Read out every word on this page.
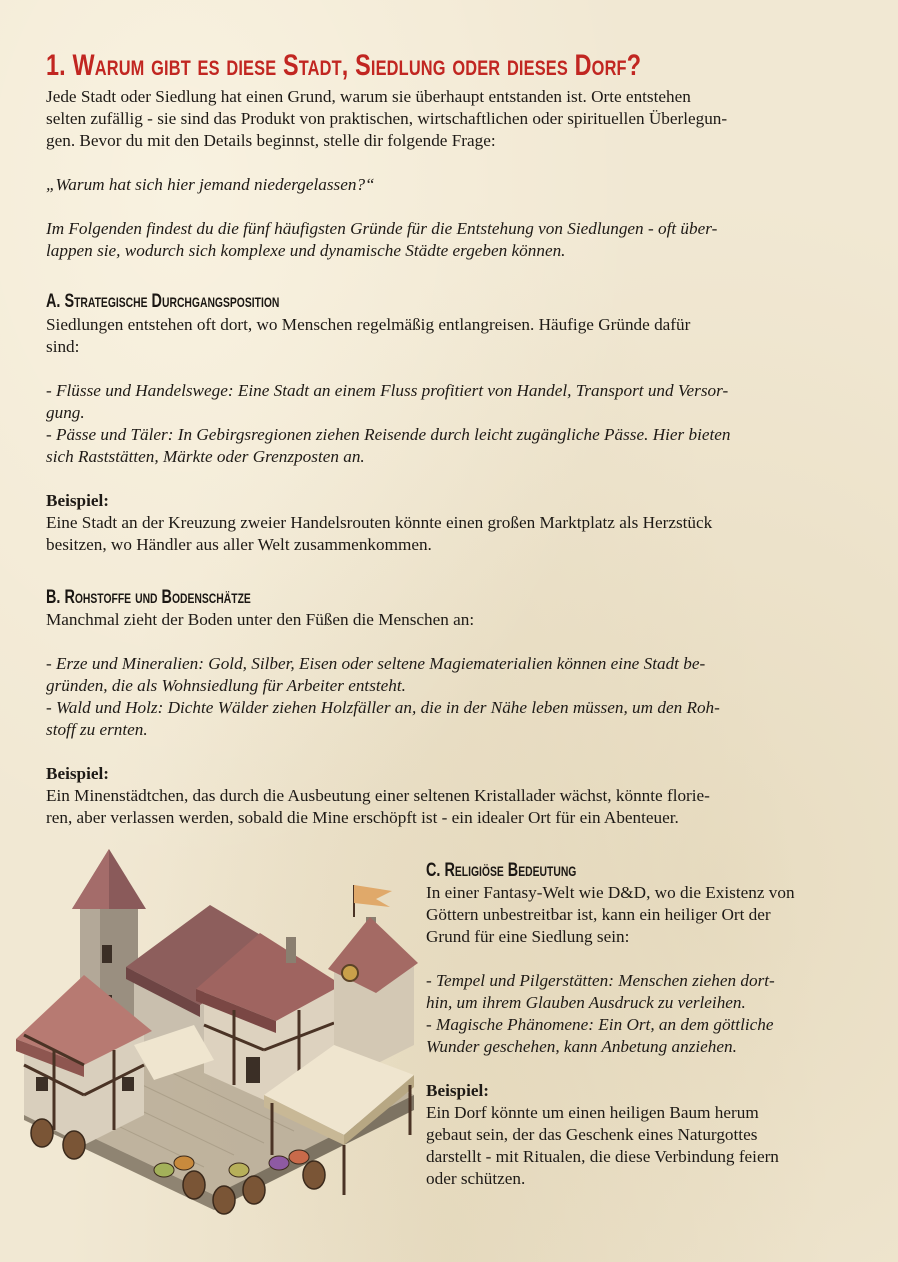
1. Warum gibt es diese Stadt, Siedlung oder dieses Dorf?
Jede Stadt oder Siedlung hat einen Grund, warum sie überhaupt entstanden ist. Orte entstehen
selten zufällig - sie sind das Produkt von praktischen, wirtschaftlichen oder spirituellen Überlegun-
gen. Bevor du mit den Details beginnst, stelle dir folgende Frage:
„Warum hat sich hier jemand niedergelassen?“
Im Folgenden findest du die fünf häufigsten Gründe für die Entstehung von Siedlungen - oft über-
lappen sie, wodurch sich komplexe und dynamische Städte ergeben können.
A. Strategische Durchgangsposition
Siedlungen entstehen oft dort, wo Menschen regelmäßig entlangreisen. Häufige Gründe dafür
sind:
- Flüsse und Handelswege: Eine Stadt an einem Fluss profitiert von Handel, Transport und Versor-
gung.
- Pässe und Täler: In Gebirgsregionen ziehen Reisende durch leicht zugängliche Pässe. Hier bieten
sich Raststätten, Märkte oder Grenzposten an.
Beispiel:
Eine Stadt an der Kreuzung zweier Handelsrouten könnte einen großen Marktplatz als Herzstück
besitzen, wo Händler aus aller Welt zusammenkommen.
B. Rohstoffe und Bodenschätze
Manchmal zieht der Boden unter den Füßen die Menschen an:
- Erze und Mineralien: Gold, Silber, Eisen oder seltene Magiematerialien können eine Stadt be-
gründen, die als Wohnsiedlung für Arbeiter entsteht.
- Wald und Holz: Dichte Wälder ziehen Holzfäller an, die in der Nähe leben müssen, um den Roh-
stoff zu ernten.
Beispiel:
Ein Minenstädtchen, das durch die Ausbeutung einer seltenen Kristallader wächst, könnte florie-
ren, aber verlassen werden, sobald die Mine erschöpft ist - ein idealer Ort für ein Abenteuer.
C. Religiöse Bedeutung
In einer Fantasy-Welt wie D&D, wo die Existenz von
Göttern unbestreitbar ist, kann ein heiliger Ort der
Grund für eine Siedlung sein:
- Tempel und Pilgerstätten: Menschen ziehen dort-
hin, um ihrem Glauben Ausdruck zu verleihen.
- Magische Phänomene: Ein Ort, an dem göttliche
Wunder geschehen, kann Anbetung anziehen.
Beispiel:
Ein Dorf könnte um einen heiligen Baum herum
gebaut sein, der das Geschenk eines Naturgottes
darstellt - mit Ritualen, die diese Verbindung feiern
oder schützen.
